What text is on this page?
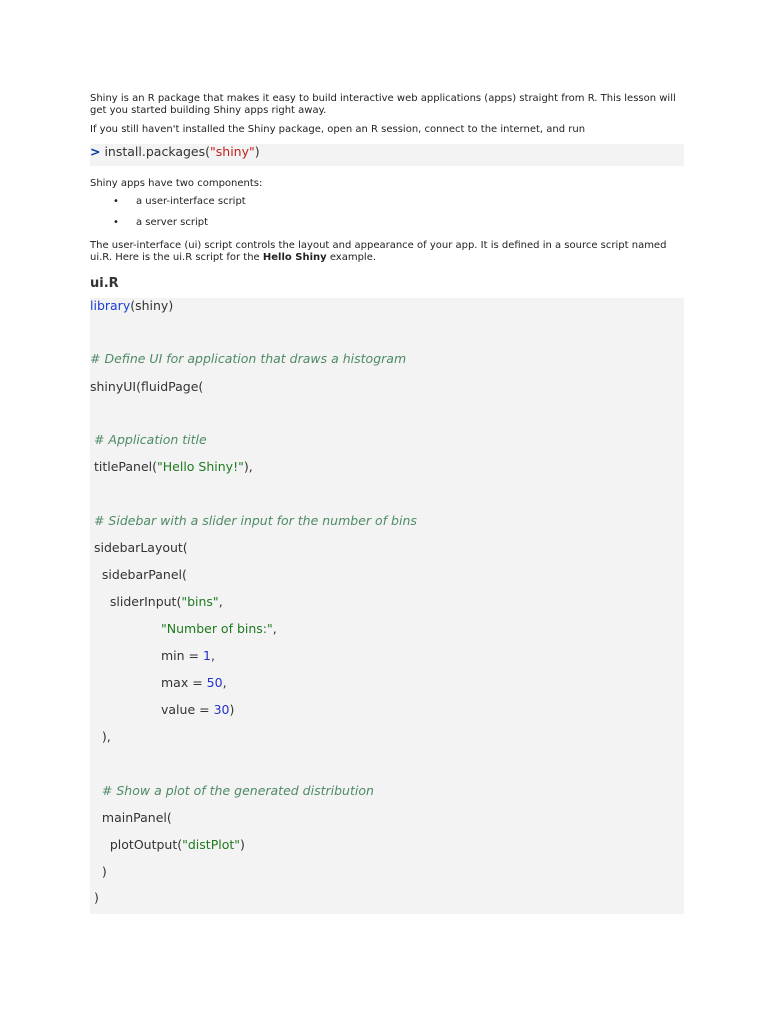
Shiny is an R package that makes it easy to build interactive web applications (apps) straight from R. This lesson will get you started building Shiny apps right away.

If you still haven't installed the Shiny package, open an R session, connect to the internet, and run

> install.packages("shiny")

Shiny apps have two components:

• a user-interface script
• a server script

The user-interface (ui) script controls the layout and appearance of your app. It is defined in a source script named ui.R. Here is the ui.R script for the Hello Shiny example.

ui.R
library(shiny)
# Define UI for application that draws a histogram
shinyUI(fluidPage(
# Application title
titlePanel("Hello Shiny!"),
# Sidebar with a slider input for the number of bins
sidebarLayout(
sidebarPanel(
sliderInput("bins",
"Number of bins:",
min = 1,
max = 50,
value = 30)
),
# Show a plot of the generated distribution
mainPanel(
plotOutput("distPlot")
)
)
